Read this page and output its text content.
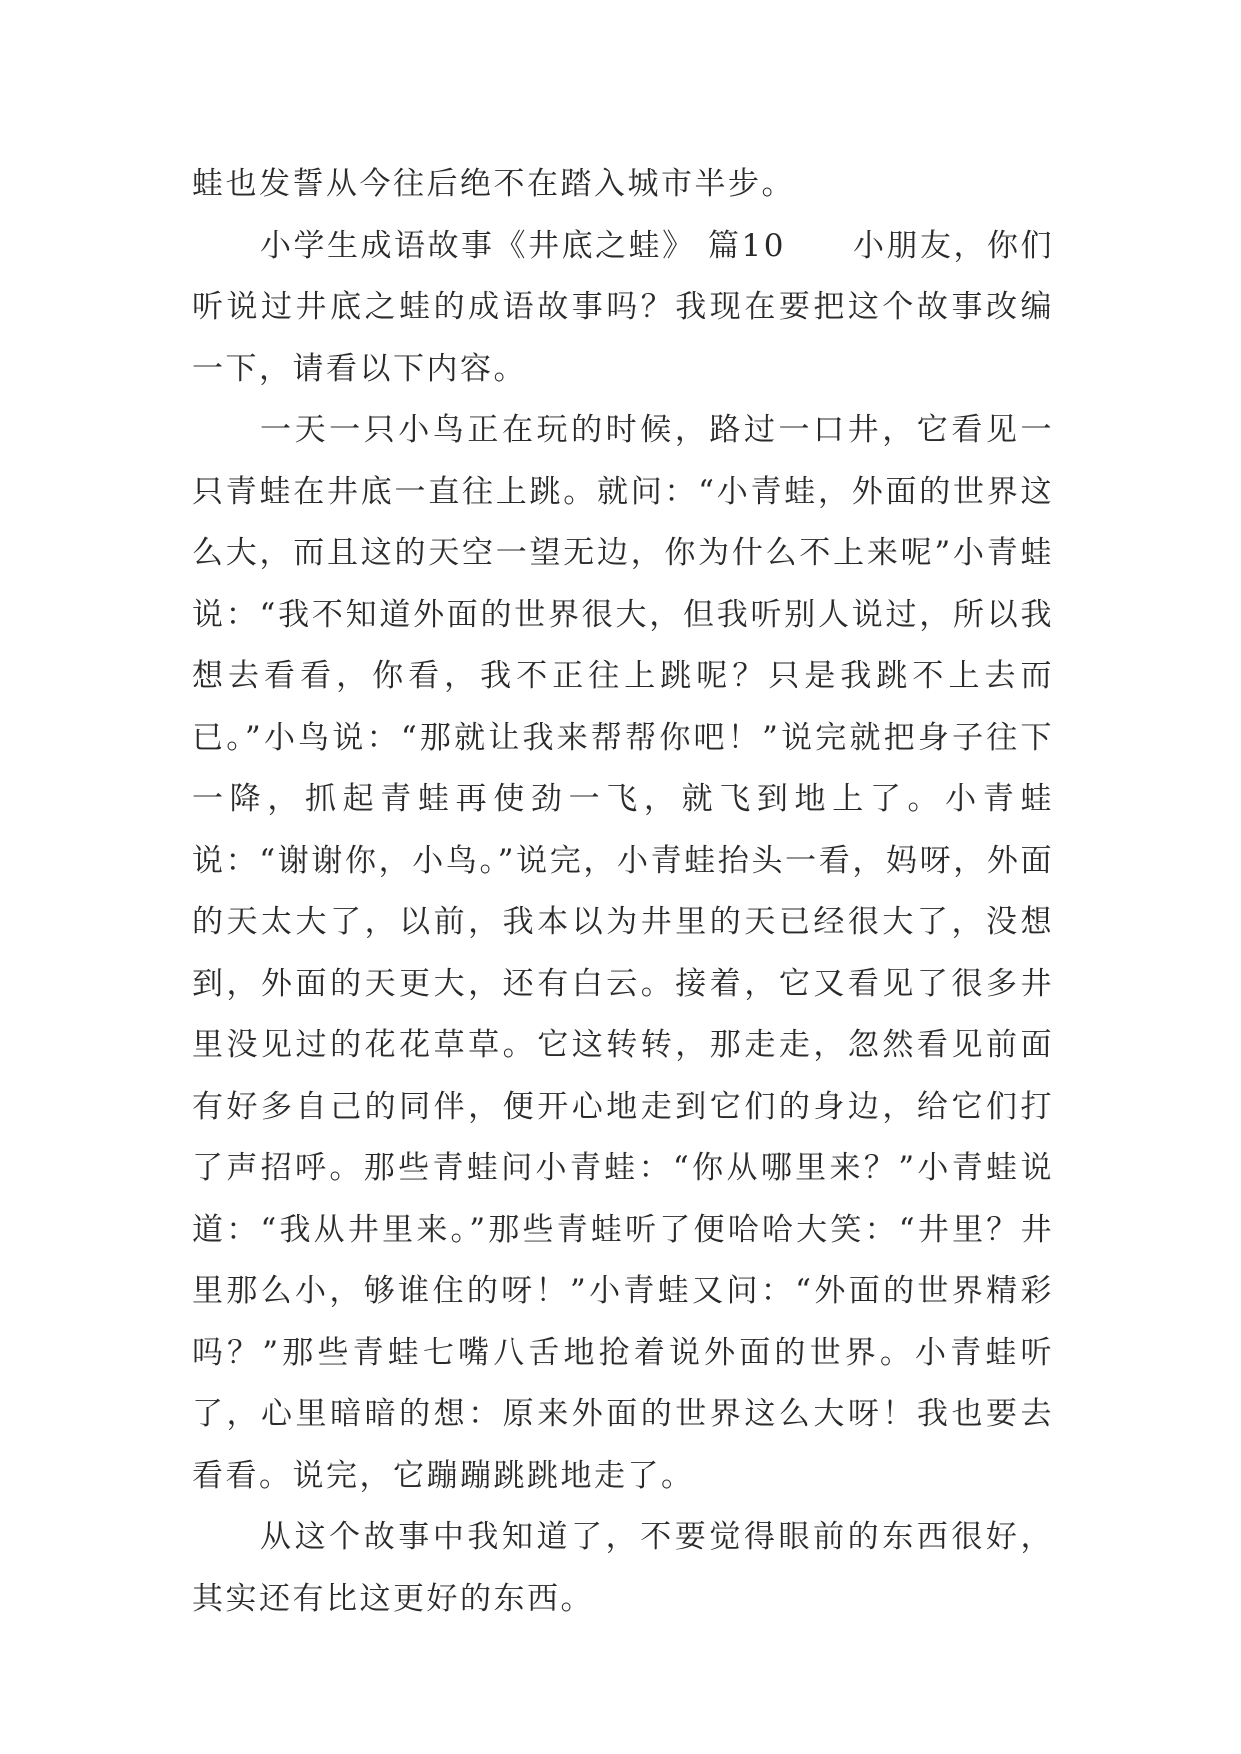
蛙也发誓从今往后绝不在踏入城市半步。

小学生成语故事《井底之蛙》 篇10　　小朋友，你们听说过井底之蛙的成语故事吗？我现在要把这个故事改编一下，请看以下内容。

一天一只小鸟正在玩的时候，路过一口井，它看见一只青蛙在井底一直往上跳。就问：“小青蛙，外面的世界这么大，而且这的天空一望无边，你为什么不上来呢”小青蛙说：“我不知道外面的世界很大，但我听别人说过，所以我想去看看，你看，我不正往上跳呢？只是我跳不上去而已。”小鸟说：“那就让我来帮帮你吧！”说完就把身子往下一降，抓起青蛙再使劲一飞，就飞到地上了。小青蛙说：“谢谢你，小鸟。”说完，小青蛙抬头一看，妈呀，外面的天太大了，以前，我本以为井里的天已经很大了，没想到，外面的天更大，还有白云。接着，它又看见了很多井里没见过的花花草草。它这转转，那走走，忽然看见前面有好多自己的同伴，便开心地走到它们的身边，给它们打了声招呼。那些青蛙问小青蛙：“你从哪里来？”小青蛙说道：“我从井里来。”那些青蛙听了便哈哈大笑：“井里？井里那么小，够谁住的呀！”小青蛙又问：“外面的世界精彩吗？”那些青蛙七嘴八舌地抢着说外面的世界。小青蛙听了，心里暗暗的想：原来外面的世界这么大呀！我也要去看看。说完，它蹦蹦跳跳地走了。

从这个故事中我知道了，不要觉得眼前的东西很好，其实还有比这更好的东西。
